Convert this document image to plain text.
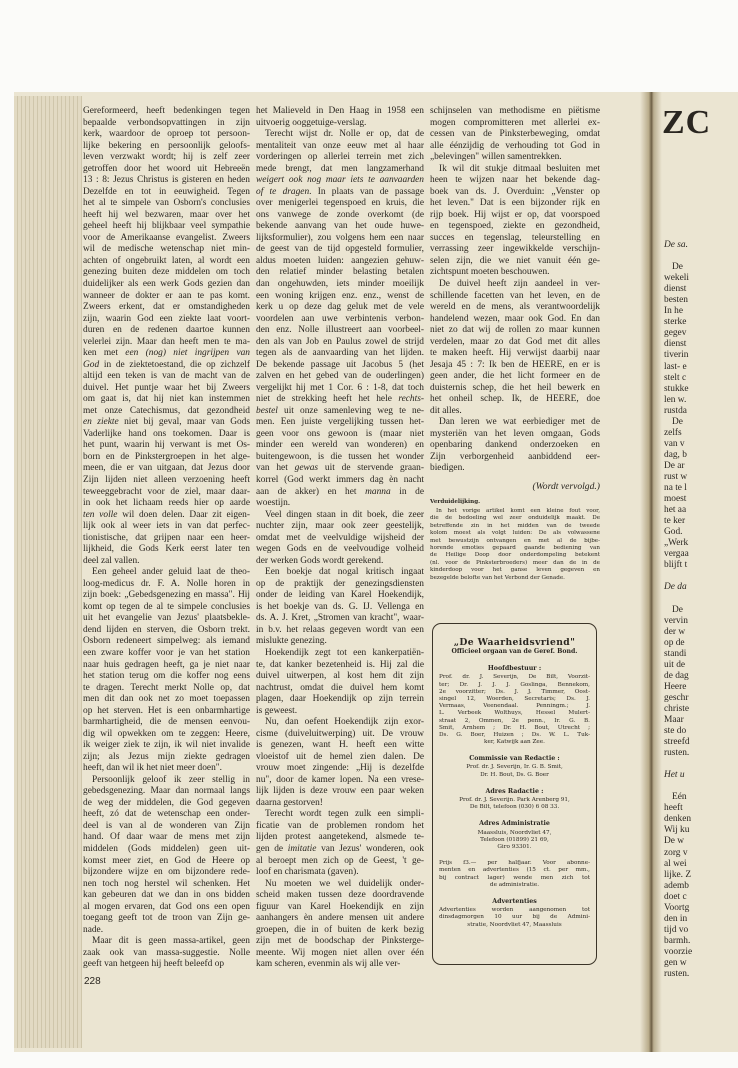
Gereformeerd, heeft bedenkingen tegen
bepaalde verbondsopvattingen in zijn
kerk, waardoor de oproep tot persoon-
lijke bekering en persoonlijk geloofs-
leven verzwakt wordt; hij is zelf zeer
getroffen door het woord uit Hebreeën
13 : 8: Jezus Christus is gisteren en heden
Dezelfde en tot in eeuwigheid. Tegen
het al te simpele van Osborn's conclusies
heeft hij wel bezwaren, maar over het
geheel heeft hij blijkbaar veel sympathie
voor de Amerikaanse evangelist. Zweers
wil de medische wetenschap niet min-
achten of ongebruikt laten, al wordt een
genezing buiten deze middelen om toch
duidelijker als een werk Gods gezien dan
wanneer de dokter er aan te pas komt.
Zweers erkent, dat er omstandigheden
zijn, waarin God een ziekte laat voort-
duren en de redenen daartoe kunnen
velerlei zijn. Maar dan heeft men te ma-
ken met een (nog) niet ingrijpen van
God in de ziektetoestand, die op zichzelf
altijd een teken is van de macht van de
duivel. Het puntje waar het bij Zweers
om gaat is, dat hij niet kan instemmen
met onze Catechismus, dat gezondheid
en ziekte niet bij geval, maar van Gods
Vaderlijke hand ons toekomen. Daar is
het punt, waarin hij verwant is met Os-
born en de Pinkstergroepen in het alge-
meen, die er van uitgaan, dat Jezus door
Zijn lijden niet alleen verzoening heeft
teweeggebracht voor de ziel, maar daar-
in ook het lichaam reeds hier op aarde
ten volle wil doen delen. Daar zit eigen-
lijk ook al weer iets in van dat perfec-
tionistische, dat grijpen naar een heer-
lijkheid, die Gods Kerk eerst later ten
deel zal vallen.
Een geheel ander geluid laat de theo-
loog-medicus dr. F. A. Nolle horen in
zijn boek: „Gebedsgenezing en massa". Hij
komt op tegen de al te simpele conclusies
uit het evangelie van Jezus' plaatsbekle-
dend lijden en sterven, die Osborn trekt.
Osborn redeneert simpelweg: als iemand
een zware koffer voor je van het station
naar huis gedragen heeft, ga je niet naar
het station terug om die koffer nog eens
te dragen. Terecht merkt Nolle op, dat
men dit dan ook net zo moet toepassen
op het sterven. Het is een onbarmhartige
barmhartigheid, die de mensen eenvou-
dig wil opwekken om te zeggen: Heere,
ik weiger ziek te zijn, ik wil niet invalide
zijn; als Jezus mijn ziekte gedragen
heeft, dan wil ik het niet meer doen".
Persoonlijk geloof ik zeer stellig in
gebedsgenezing. Maar dan normaal langs
de weg der middelen, die God gegeven
heeft, zó dat de wetenschap een onder-
deel is van al de wonderen van Zijn
hand. Of daar waar de mens met zijn
middelen (Gods middelen) geen uit-
komst meer ziet, en God de Heere op
bijzondere wijze en om bijzondere rede-
nen toch nog herstel wil schenken. Het
kan gebeuren dat we dan in ons bidden
al mogen ervaren, dat God ons een open
toegang geeft tot de troon van Zijn ge-
nade.
Maar dit is geen massa-artikel, geen
zaak ook van massa-suggestie. Nolle
geeft van hetgeen hij heeft beleefd op
het Malieveld in Den Haag in 1958 een
uitvoerig ooggetuige-verslag.
Terecht wijst dr. Nolle er op, dat de
mentaliteit van onze eeuw met al haar
vorderingen op allerlei terrein met zich
mede brengt, dat men langzamerhand
weigert ook nog maar iets te aanvaarden
of te dragen. In plaats van de passage
over menigerlei tegenspoed en kruis, die
ons vanwege de zonde overkomt (de
bekende aanvang van het oude huwe-
lijksformulier), zou volgens hem een naar
de geest van de tijd opgesteld formulier,
aldus moeten luiden: aangezien gehuw-
den relatief minder belasting betalen
dan ongehuwden, iets minder moeilijk
een woning krijgen enz. enz., wenst de
kerk u op deze dag geluk met de vele
voordelen aan uwe verbintenis verbon-
den enz. Nolle illustreert aan voorbeel-
den als van Job en Paulus zowel de strijd
tegen als de aanvaarding van het lijden.
De bekende passage uit Jacobus 5 (het
zalven en het gebed van de ouderlingen)
vergelijkt hij met 1 Cor. 6 : 1-8, dat toch
niet de strekking heeft het hele rechts-
bestel uit onze samenleving weg te ne-
men. Een juiste vergelijking tussen het-
geen voor ons gewoon is (maar niet
minder een wereld van wonderen) en
buitengewoon, is die tussen het wonder
van het gewas uit de stervende graan-
korrel (God werkt immers dag èn nacht
aan de akker) en het manna in de
woestijn.
Veel dingen staan in dit boek, die zeer
nuchter zijn, maar ook zeer geestelijk,
omdat met de veelvuldige wijsheid der
wegen Gods en de veelvoudige volheid
der werken Gods wordt gerekend.
Een boekje dat nogal kritisch ingaat
op de praktijk der genezingsdiensten
onder de leiding van Karel Hoekendijk,
is het boekje van ds. G. IJ. Vellenga en
ds. A. J. Kret, „Stromen van kracht", waar-
in b.v. het relaas gegeven wordt van een
mislukte genezing.
Hoekendijk zegt tot een kankerpatiën-
te, dat kanker bezetenheid is. Hij zal die
duivel uitwerpen, al kost hem dit zijn
nachtrust, omdat die duivel hem komt
plagen, daar Hoekendijk op zijn terrein
is geweest.
Nu, dan oefent Hoekendijk zijn exor-
cisme (duiveluitwerping) uit. De vrouw
is genezen, want H. heeft een witte
vloeistof uit de hemel zien dalen. De
vrouw moet zingende: „Hij is dezelfde
nu", door de kamer lopen. Na een vrese-
lijk lijden is deze vrouw een paar weken
daarna gestorven!
Terecht wordt tegen zulk een simpli-
ficatie van de problemen rondom het
lijden protest aangetekend, alsmede te-
gen de imitatie van Jezus' wonderen, ook
al beroept men zich op de Geest, 't ge-
loof en charismata (gaven).
Nu moeten we wel duidelijk onder-
scheid maken tussen deze doordravende
figuur van Karel Hoekendijk en zijn
aanhangers èn andere mensen uit andere
groepen, die in of buiten de kerk bezig
zijn met de boodschap der Pinksterge-
meente. Wij mogen niet allen over één
kam scheren, evenmin als wij alle ver-
schijnselen van methodisme en piëtisme
mogen compromitteren met allerlei ex-
cessen van de Pinksterbeweging, omdat
alle éénzijdig de verhouding tot God in
„belevingen" willen samentrekken.
Ik wil dit stukje ditmaal besluiten met
heen te wijzen naar het bekende dag-
boek van ds. J. Overduin: „Venster op
het leven." Dat is een bijzonder rijk en
rijp boek. Hij wijst er op, dat voorspoed
en tegenspoed, ziekte en gezondheid,
succes en tegenslag, teleurstelling en
verrassing zeer ingewikkelde verschijn-
selen zijn, die we niet vanuit één ge-
zichtspunt moeten beschouwen.
De duivel heeft zijn aandeel in ver-
schillende facetten van het leven, en de
wereld en de mens, als verantwoordelijk
handelend wezen, maar ook God. En dan
niet zo dat wij de rollen zo maar kunnen
verdelen, maar zo dat God met dit alles
te maken heeft. Hij verwijst daarbij naar
Jesaja 45 : 7: Ik ben de HEERE, en er is
geen ander, die het licht formeer en de
duisternis schep, die het heil bewerk en
het onheil schep. Ik, de HEERE, doe
dit alles.
Dan leren we wat eerbiediger met de
mysteriën van het leven omgaan, Gods
openbaring dankend onderzoeken en
Zijn verborgenheid aanbiddend eer-
biedigen.
(Wordt vervolgd.)
Verduidelijking.
In het vorige artikel komt een kleine fout voor,
die de bedoeling wel zeer onduidelijk maakt. De
betreffende zin in het midden van de tweede
kolom moest als volgt luiden: De als volwassene
met bewustzijn ontvangen en met al de bijbe-
horende emoties gepaard gaande bediening van
de Heilige Doop door onderdompeling betekent
(nl. voor de Pinksterbroeders) meer dan de in de
kinderdoop voor het ganse leven gegeven en
bezegelde belofte van het Verbond der Genade.
„De Waarheidsvriend"
Officieel orgaan van de Geref. Bond.
Hoofdbestuur :
Prof. dr. J. Severijn, De Bilt, Voorzit-
ter; Dr. J. J. J. Goslinga, Bennekom,
2e voorzitter; Ds. J. J. Timmer, Oost-
singel 12, Woerden, Secretaris; Ds. J.
Vermaas, Veenendaal. Penningm.; J.
L. Verbeek Wolthuys, Hessel Mulert-
straat 2, Ommen, 2e penn., Ir. G. B.
Smit, Arnhem ; Dr. H. Bout, Utrecht ;
Ds. G. Boer, Huizen ; Ds. W. L. Tuk-
ker, Katwijk aan Zee.
Commissie van Redactie :
Prof. dr. J. Severijn, Ir. G. B. Smit,
Dr. H. Bout, Ds. G. Boer
Adres Radactie :
Prof. dr. J. Severijn. Park Arenberg 91,
De Bilt, telefoon (030) 6 08 33.
Adres Administratie
Maassluis, Noordvliet 47,
Telefoon (01899) 21 69,
Giro 93301.
Prijs f3.— per halfjaar. Voor abonne-
menten en advertenties (15 ct. per mm.,
bij contract lager) wende men zich tot
de administratie.
Advertenties
Advertenties worden aangenomen tot
dinsdagmorgen 10 uur bij de Admini-
stratie, Noordvliet 47, Maassluis
228
ZC
De sa.
De
wekeli
dienst
besten
In he
sterke
gegev
dienst
tiverin
last- e
stelt c
stukke
len w.
rustda
De
zelfs
van v
dag, b
De ar
rust w
na te l
moest
het aa
te ker
God.
„Werk
vergaa
blijft t
De da
De
vervin
der w
op de
standi
uit de
de dag
Heere
geschr
christe
Maar
ste do
streefd
rusten.
Het u
Eén
heeft
denken
Wij ku
De w
zorg v
al wei
lijke. Z
ademb
doet c
Voortg
den in
tijd vo
barmh.
voorzie
gen w
rusten.
